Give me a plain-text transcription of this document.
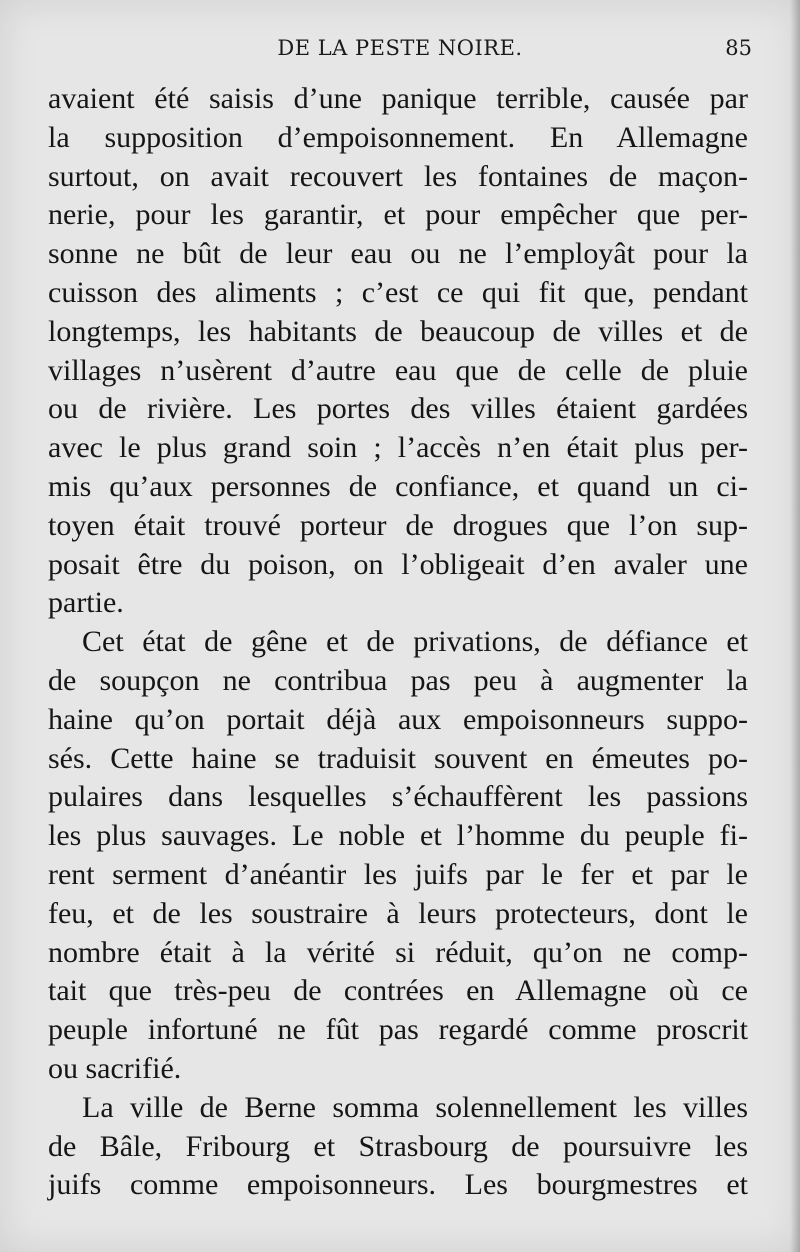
DE LA PESTE NOIRE.	85
avaient été saisis d’une panique terrible, causée par
la supposition d’empoisonnement. En Allemagne
surtout, on avait recouvert les fontaines de maçon-
nerie, pour les garantir, et pour empêcher que per-
sonne ne bût de leur eau ou ne l’employât pour la
cuisson des aliments ; c’est ce qui fit que, pendant
longtemps, les habitants de beaucoup de villes et de
villages n’usèrent d’autre eau que de celle de pluie
ou de rivière. Les portes des villes étaient gardées
avec le plus grand soin ; l’accès n’en était plus per-
mis qu’aux personnes de confiance, et quand un ci-
toyen était trouvé porteur de drogues que l’on sup-
posait être du poison, on l’obligeait d’en avaler une
partie.
Cet état de gêne et de privations, de défiance et
de soupçon ne contribua pas peu à augmenter la
haine qu’on portait déjà aux empoisonneurs suppo-
sés. Cette haine se traduisit souvent en émeutes po-
pulaires dans lesquelles s’échauffèrent les passions
les plus sauvages. Le noble et l’homme du peuple fi-
rent serment d’anéantir les juifs par le fer et par le
feu, et de les soustraire à leurs protecteurs, dont le
nombre était à la vérité si réduit, qu’on ne comp-
tait que très-peu de contrées en Allemagne où ce
peuple infortuné ne fût pas regardé comme proscrit
ou sacrifié.
La ville de Berne somma solennellement les villes
de Bâle, Fribourg et Strasbourg de poursuivre les
juifs comme empoisonneurs. Les bourgmestres et
